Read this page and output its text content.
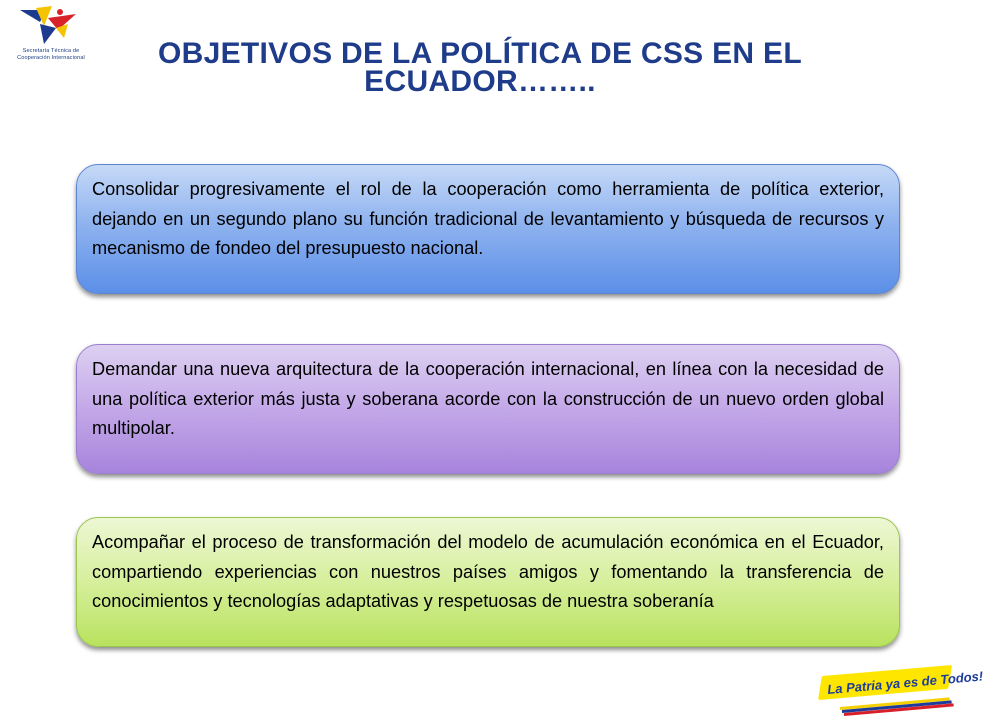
Secretaría Técnica de
Cooperación Internacional	OBJETIVOS DE LA POLÍTICA DE CSS EN EL ECUADOR……..
Consolidar progresivamente el rol de la cooperación como herramienta de política exterior, dejando en un segundo plano su función tradicional de levantamiento y búsqueda de recursos y mecanismo de fondeo del presupuesto nacional.
Demandar una nueva arquitectura de la cooperación internacional, en línea con la necesidad de una política exterior más justa y soberana acorde con la construcción de un nuevo orden global multipolar.
Acompañar el proceso de transformación del modelo de acumulación económica en el Ecuador, compartiendo experiencias con nuestros países amigos y fomentando la transferencia de conocimientos y tecnologías adaptativas y respetuosas de nuestra soberanía
La Patria ya es de Todos!
